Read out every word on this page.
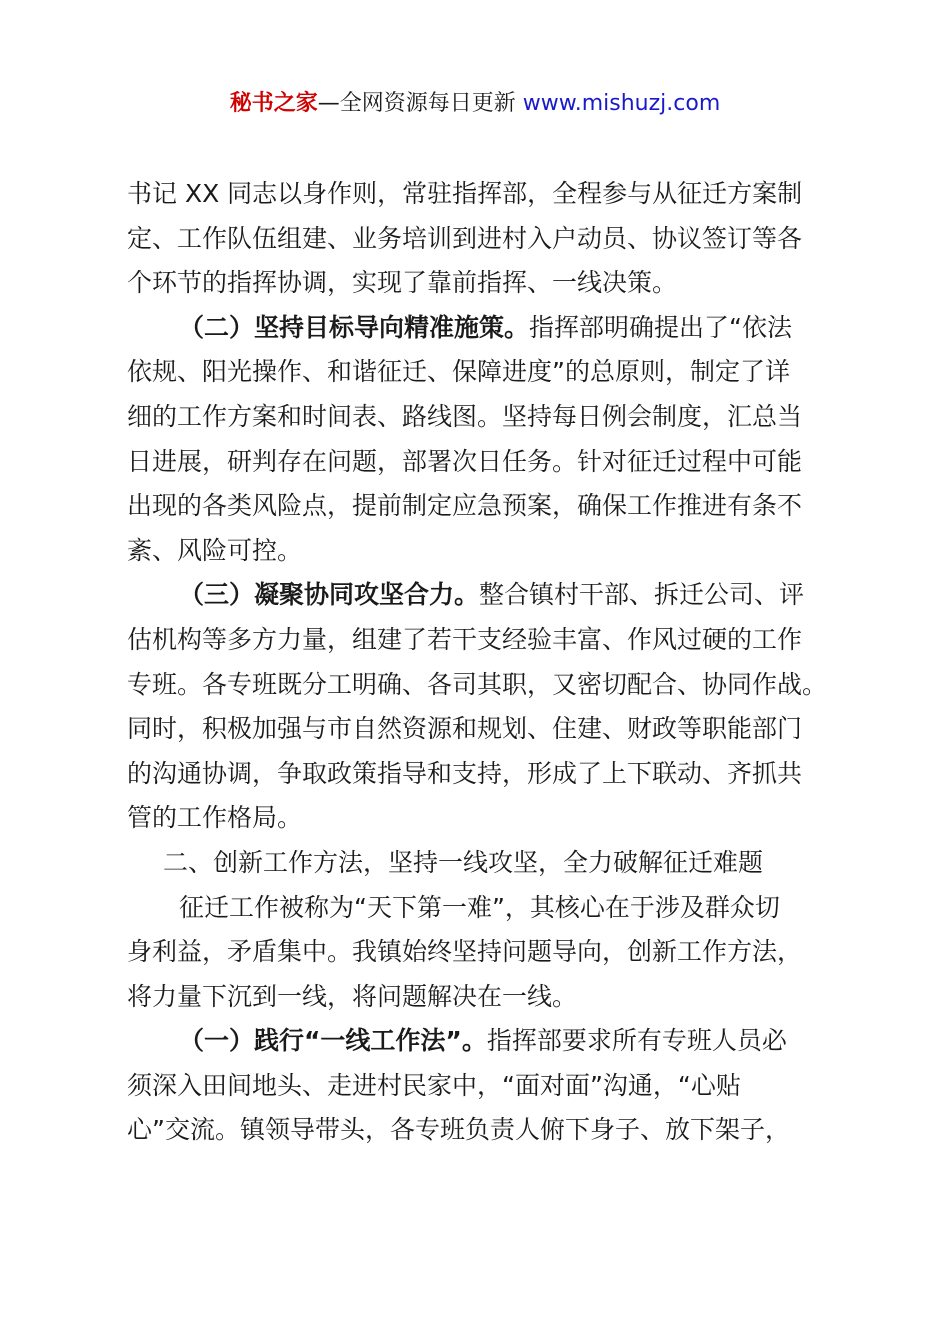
秘书之家—全网资源每日更新 www.mishuzj.com
书记 XX 同志以身作则，常驻指挥部，全程参与从征迁方案制
定、工作队伍组建、业务培训到进村入户动员、协议签订等各
个环节的指挥协调，实现了靠前指挥、一线决策。
（二）坚持目标导向精准施策。指挥部明确提出了“依法
依规、阳光操作、和谐征迁、保障进度”的总原则，制定了详
细的工作方案和时间表、路线图。坚持每日例会制度，汇总当
日进展，研判存在问题，部署次日任务。针对征迁过程中可能
出现的各类风险点，提前制定应急预案，确保工作推进有条不
紊、风险可控。
（三）凝聚协同攻坚合力。整合镇村干部、拆迁公司、评
估机构等多方力量，组建了若干支经验丰富、作风过硬的工作
专班。各专班既分工明确、各司其职，又密切配合、协同作战。
同时，积极加强与市自然资源和规划、住建、财政等职能部门
的沟通协调，争取政策指导和支持，形成了上下联动、齐抓共
管的工作格局。
二、创新工作方法，坚持一线攻坚，全力破解征迁难题
征迁工作被称为“天下第一难”，其核心在于涉及群众切
身利益，矛盾集中。我镇始终坚持问题导向，创新工作方法，
将力量下沉到一线，将问题解决在一线。
（一）践行“一线工作法”。指挥部要求所有专班人员必
须深入田间地头、走进村民家中，“面对面”沟通，“心贴
心”交流。镇领导带头，各专班负责人俯下身子、放下架子，
